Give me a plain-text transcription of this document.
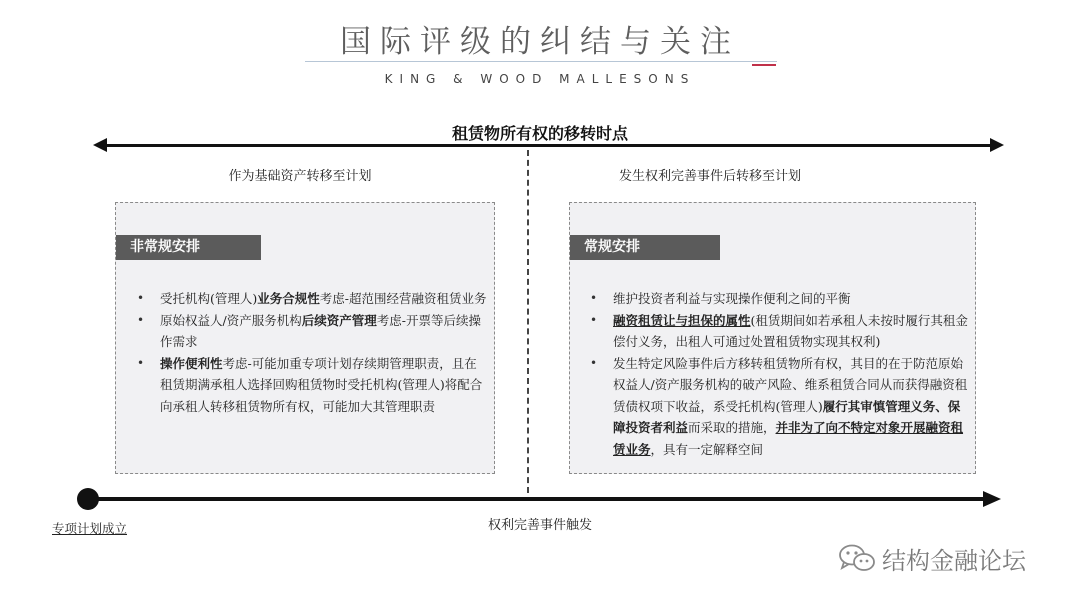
国际评级的纠结与关注
KING & WOOD MALLESONS
租赁物所有权的移转时点
作为基础资产转移至计划	发生权利完善事件后转移至计划
非常规安排
• 受托机构(管理人)业务合规性考虑-超范围经营融资租赁业务
• 原始权益人/资产服务机构后续资产管理考虑-开票等后续操作需求
• 操作便利性考虑-可能加重专项计划存续期管理职责，且在租赁期满承租人选择回购租赁物时受托机构(管理人)将配合向承租人转移租赁物所有权，可能加大其管理职责
常规安排
• 维护投资者利益与实现操作便利之间的平衡
• 融资租赁让与担保的属性(租赁期间如若承租人未按时履行其租金偿付义务，出租人可通过处置租赁物实现其权利)
• 发生特定风险事件后方移转租赁物所有权，其目的在于防范原始权益人/资产服务机构的破产风险、维系租赁合同从而获得融资租赁债权项下收益，系受托机构(管理人)履行其审慎管理义务、保障投资者利益而采取的措施，并非为了向不特定对象开展融资租赁业务，具有一定解释空间
专项计划成立	权利完善事件触发
结构金融论坛
